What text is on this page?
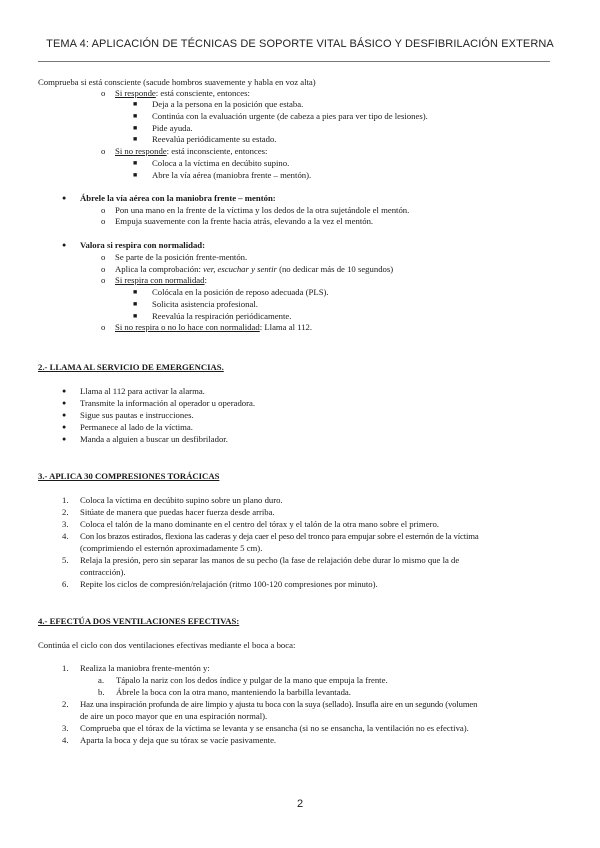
TEMA 4: APLICACIÓN DE TÉCNICAS DE SOPORTE VITAL BÁSICO Y DESFIBRILACIÓN EXTERNA
Comprueba si está consciente (sacude hombros suavemente y habla en voz alta)
o Si responde: está consciente, entonces:
■ Deja a la persona en la posición que estaba.
■ Continúa con la evaluación urgente (de cabeza a pies para ver tipo de lesiones).
■ Pide ayuda.
■ Reevalúa periódicamente su estado.
o Si no responde: está inconsciente, entonces:
■ Coloca a la víctima en decúbito supino.
■ Abre la vía aérea (maniobra frente – mentón).
● Ábrele la vía aérea con la maniobra frente – mentón:
o Pon una mano en la frente de la víctima y los dedos de la otra sujetándole el mentón.
o Empuja suavemente con la frente hacia atrás, elevando a la vez el mentón.
● Valora si respira con normalidad:
o Se parte de la posición frente-mentón.
o Aplica la comprobación: ver, escuchar y sentir (no dedicar más de 10 segundos)
o Si respira con normalidad:
■ Colócala en la posición de reposo adecuada (PLS).
■ Solicita asistencia profesional.
■ Reevalúa la respiración periódicamente.
o Si no respira o no lo hace con normalidad: Llama al 112.
2.- LLAMA AL SERVICIO DE EMERGENCIAS.
● Llama al 112 para activar la alarma.
● Transmite la información al operador u operadora.
● Sigue sus pautas e instrucciones.
● Permanece al lado de la víctima.
● Manda a alguien a buscar un desfibrilador.
3.- APLICA 30 COMPRESIONES TORÁCICAS
1. Coloca la víctima en decúbito supino sobre un plano duro.
2. Sitúate de manera que puedas hacer fuerza desde arriba.
3. Coloca el talón de la mano dominante en el centro del tórax y el talón de la otra mano sobre el primero.
4. Con los brazos estirados, flexiona las caderas y deja caer el peso del tronco para empujar sobre el esternón de la víctima
(comprimiendo el esternón aproximadamente 5 cm).
5. Relaja la presión, pero sin separar las manos de su pecho (la fase de relajación debe durar lo mismo que la de
contracción).
6. Repite los ciclos de compresión/relajación (ritmo 100-120 compresiones por minuto).
4.- EFECTÚA DOS VENTILACIONES EFECTIVAS:
Continúa el ciclo con dos ventilaciones efectivas mediante el boca a boca:
1. Realiza la maniobra frente-mentón y:
a. Tápalo la nariz con los dedos índice y pulgar de la mano que empuja la frente.
b. Ábrele la boca con la otra mano, manteniendo la barbilla levantada.
2. Haz una inspiración profunda de aire limpio y ajusta tu boca con la suya (sellado). Insufla aire en un segundo (volumen
de aire un poco mayor que en una espiración normal).
3. Comprueba que el tórax de la víctima se levanta y se ensancha (si no se ensancha, la ventilación no es efectiva).
4. Aparta la boca y deja que su tórax se vacíe pasivamente.
2
